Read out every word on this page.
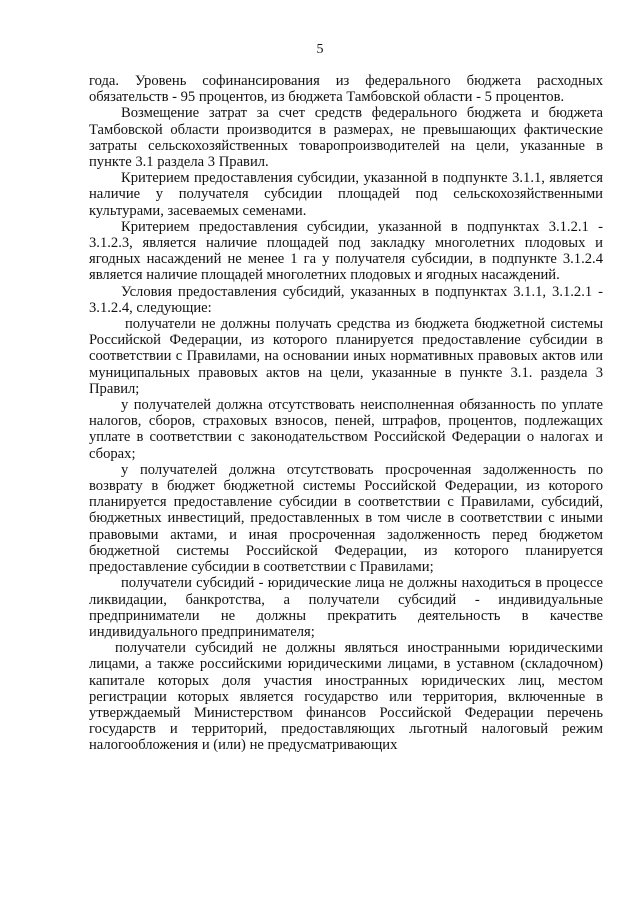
5

года. Уровень софинансирования из федерального бюджета расходных обязательств - 95 процентов, из бюджета Тамбовской области - 5 процентов.

Возмещение затрат за счет средств федерального бюджета и бюджета Тамбовской области производится в размерах, не превышающих фактические затраты сельскохозяйственных товаропроизводителей на цели, указанные в пункте 3.1 раздела 3 Правил.

Критерием предоставления субсидии, указанной в подпункте 3.1.1, является наличие у получателя субсидии площадей под сельскохозяйственными культурами, засеваемых семенами.

Критерием предоставления субсидии, указанной в подпунктах 3.1.2.1 - 3.1.2.3, является наличие площадей под закладку многолетних плодовых и ягодных насаждений не менее 1 га у получателя субсидии, в подпункте 3.1.2.4 является наличие площадей многолетних плодовых и ягодных насаждений.

Условия предоставления субсидий, указанных в подпунктах 3.1.1, 3.1.2.1 - 3.1.2.4, следующие:

получатели не должны получать средства из бюджета бюджетной системы Российской Федерации, из которого планируется предоставление субсидии в соответствии с Правилами, на основании иных нормативных правовых актов или муниципальных правовых актов на цели, указанные в пункте 3.1. раздела 3 Правил;

у получателей должна отсутствовать неисполненная обязанность по уплате налогов, сборов, страховых взносов, пеней, штрафов, процентов, подлежащих уплате в соответствии с законодательством Российской Федерации о налогах и сборах;

у получателей должна отсутствовать просроченная задолженность по возврату в бюджет бюджетной системы Российской Федерации, из которого планируется предоставление субсидии в соответствии с Правилами, субсидий, бюджетных инвестиций, предоставленных в том числе в соответствии с иными правовыми актами, и иная просроченная задолженность перед бюджетом бюджетной системы Российской Федерации, из которого планируется предоставление субсидии в соответствии с Правилами;

получатели субсидий - юридические лица не должны находиться в процессе ликвидации, банкротства, а получатели субсидий - индивидуальные предприниматели не должны прекратить деятельность в качестве индивидуального предпринимателя;

получатели субсидий не должны являться иностранными юридическими лицами, а также российскими юридическими лицами, в уставном (складочном) капитале которых доля участия иностранных юридических лиц, местом регистрации которых является государство или территория, включенные в утверждаемый Министерством финансов Российской Федерации перечень государств и территорий, предоставляющих льготный налоговый режим налогообложения и (или) не предусматривающих
